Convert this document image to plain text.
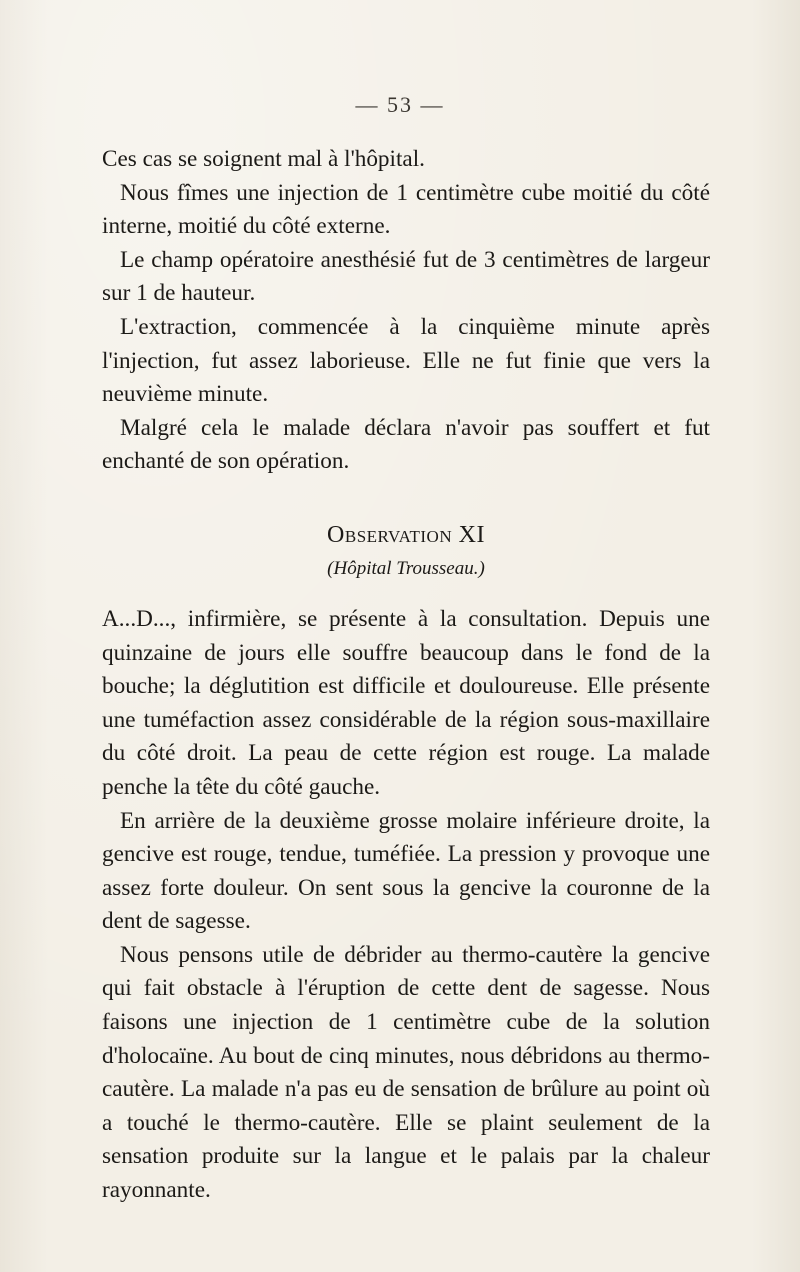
— 53 —

Ces cas se soignent mal à l'hôpital.

Nous fîmes une injection de 1 centimètre cube moitié du côté interne, moitié du côté externe.

Le champ opératoire anesthésié fut de 3 centimètres de largeur sur 1 de hauteur.

L'extraction, commencée à la cinquième minute après l'injection, fut assez laborieuse. Elle ne fut finie que vers la neuvième minute.

Malgré cela le malade déclara n'avoir pas souffert et fut enchanté de son opération.

Observation XI
(Hôpital Trousseau.)

A...D..., infirmière, se présente à la consultation. Depuis une quinzaine de jours elle souffre beaucoup dans le fond de la bouche; la déglutition est difficile et douloureuse. Elle présente une tuméfaction assez considérable de la région sous-maxillaire du côté droit. La peau de cette région est rouge. La malade penche la tête du côté gauche.

En arrière de la deuxième grosse molaire inférieure droite, la gencive est rouge, tendue, tuméfiée. La pression y provoque une assez forte douleur. On sent sous la gencive la couronne de la dent de sagesse.

Nous pensons utile de débrider au thermo-cautère la gencive qui fait obstacle à l'éruption de cette dent de sagesse. Nous faisons une injection de 1 centimètre cube de la solution d'holocaïne. Au bout de cinq minutes, nous débridons au thermo-cautère. La malade n'a pas eu de sensation de brûlure au point où a touché le thermo-cautère. Elle se plaint seulement de la sensation produite sur la langue et le palais par la chaleur rayonnante.
